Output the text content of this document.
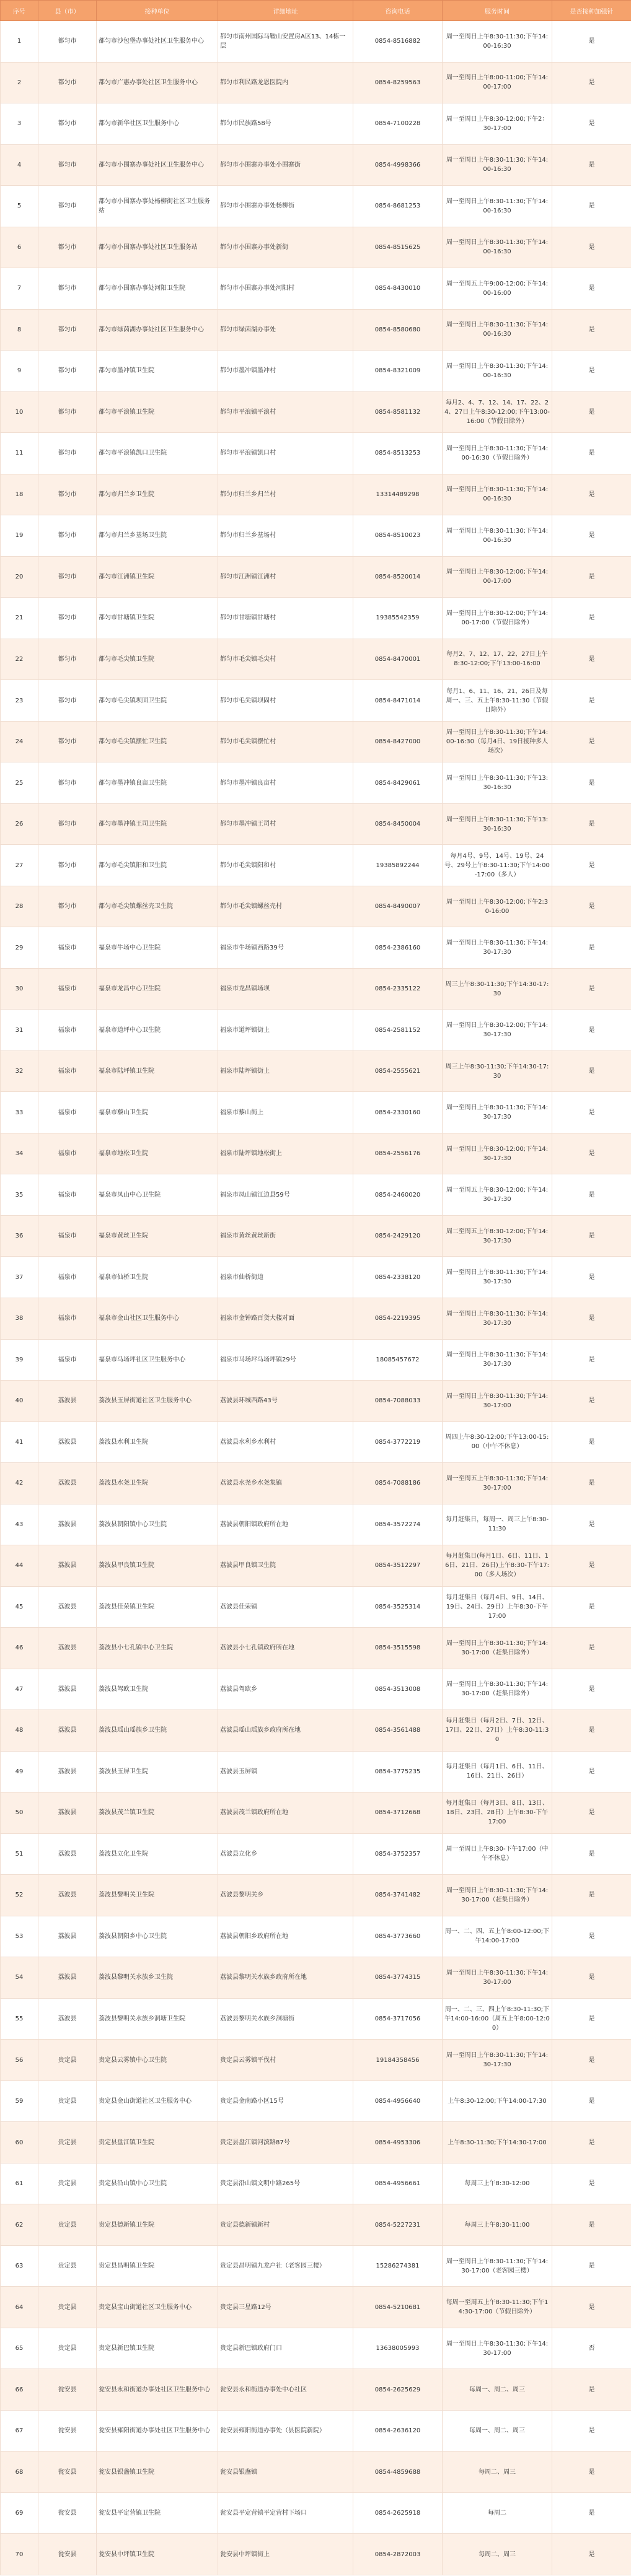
序号	县（市）	接种单位	详细地址	咨询电话	服务时间	是否接种加强针
1	都匀市	都匀市沙包堡办事处社区卫生服务中心	都匀市南州国际马鞍山安置房A区13、14栋一层	0854-8516882	周一至周日上午8:30-11:30;下午14:00-16:30	是
2	都匀市	都匀市广惠办事处社区卫生服务中心	都匀市利民路龙恩医院内	0854-8259563	周一至周日上午8:00-11:00;下午14:00-17:00	是
3	都匀市	都匀市新华社区卫生服务中心	都匀市民族路58号	0854-7100228	周一至周日上午8:30-12:00;下午2：30-17:00	是
4	都匀市	都匀市小围寨办事处社区卫生服务中心	都匀市小围寨办事处小围寨街	0854-4998366	周一至周日上午8:30-11:30;下午14:00-16:30	是
5	都匀市	都匀市小围寨办事处杨柳街社区卫生服务站	都匀市小围寨办事处杨柳街	0854-8681253	周一至周日上午8:30-11:30;下午14:00-16:30	是
6	都匀市	都匀市小围寨办事处社区卫生服务站	都匀市小围寨办事处新街	0854-8515625	周一至周日上午8:30-11:30;下午14:00-16:30	是
7	都匀市	都匀市小围寨办事处河阳卫生院	都匀市小围寨办事处河阳村	0854-8430010	周一至周五上午9:00-12:00;下午14:00-16:00	是
8	都匀市	都匀市绿茵湖办事处社区卫生服务中心	都匀市绿茵湖办事处	0854-8580680	周一至周日上午8:30-11:30;下午14:00-16:30	是
9	都匀市	都匀市墨冲镇卫生院	都匀市墨冲镇墨冲村	0854-8321009	周一至周日上午8:30-11:30;下午14:00-16:30	是
10	都匀市	都匀市平浪镇卫生院	都匀市平浪镇平浪村	0854-8581132	每月2、4、7、12、14、17、22、24、27日上午8:30-12:00;下午13:00-16:00（节假日除外）	是
11	都匀市	都匀市平浪镇凯口卫生院	都匀市平浪镇凯口村	0854-8513253	周一至周日上午8:30-11:30;下午14:00-16:30（节假日除外）	是
18	都匀市	都匀市归兰乡卫生院	都匀市归兰乡归兰村	13314489298	周一至周日上午8:30-11:30;下午14:00-16:30	是
19	都匀市	都匀市归兰乡基场卫生院	都匀市归兰乡基场村	0854-8510023	周一至周日上午8:30-11:30;下午14:00-16:30	是
20	都匀市	都匀市江洲镇卫生院	都匀市江洲镇江洲村	0854-8520014	周一至周日上午8:30-12:00;下午14:00-17:00	是
21	都匀市	都匀市甘塘镇卫生院	都匀市甘塘镇甘塘村	19385542359	周一至周日上午8:30-12:00;下午14:00-17:00（节假日除外）	是
22	都匀市	都匀市毛尖镇卫生院	都匀市毛尖镇毛尖村	0854-8470001	每月2、7、12、17、22、27日上午8:30-12:00;下午13:00-16:00	是
23	都匀市	都匀市毛尖镇坝固卫生院	都匀市毛尖镇坝固村	0854-8471014	每月1、6、11、16、21、26日及每周一、三、五上午8:30-11:30（节假日除外）	是
24	都匀市	都匀市毛尖镇摆忙卫生院	都匀市毛尖镇摆忙村	0854-8427000	周一至周日上午8:30-11:30;下午14:00-16:30（每月4日、19日接种多人场次）	是
25	都匀市	都匀市墨冲镇良亩卫生院	都匀市墨冲镇良亩村	0854-8429061	周一至周日上午8:30-11:30;下午13:30-16:30	是
26	都匀市	都匀市墨冲镇王司卫生院	都匀市墨冲镇王司村	0854-8450004	周一至周日上午8:30-11:30;下午13:30-16:30	是
27	都匀市	都匀市毛尖镇阳和卫生院	都匀市毛尖镇阳和村	19385892244	每月4号、9号、14号、19号、24号、29号上午8:30-11:30;下午14:00-17:00（多人）	是
28	都匀市	都匀市毛尖镇螺丝壳卫生院	都匀市毛尖镇螺丝壳村	0854-8490007	周一至周日上午8:30-12:00;下午2:30-16:00	是
29	福泉市	福泉市牛场中心卫生院	福泉市牛场镇西路39号	0854-2386160	周一至周日上午8:30-11:30;下午14:30-17:30	是
30	福泉市	福泉市龙昌中心卫生院	福泉市龙昌镇场坝	0854-2335122	周三上午8:30-11:30;下午14:30-17:30	是
31	福泉市	福泉市道坪中心卫生院	福泉市道坪镇街上	0854-2581152	周一至周日上午8:30-12:00;下午14:30-17:30	是
32	福泉市	福泉市陆坪镇卫生院	福泉市陆坪镇街上	0854-2555621	周三上午8:30-11:30;下午14:30-17:30	是
33	福泉市	福泉市藜山卫生院	福泉市藜山街上	0854-2330160	周一至周日上午8:30-11:30;下午14:30-17:30	是
34	福泉市	福泉市地松卫生院	福泉市陆坪镇地松街上	0854-2556176	周一至周日上午8:30-12:00;下午14:30-17:30	是
35	福泉市	福泉市凤山中心卫生院	福泉市凤山镇江边县59号	0854-2460020	周一至周五上午8:30-12:00;下午14:30-17:30	是
36	福泉市	福泉市黄丝卫生院	福泉市黄丝黄丝新街	0854-2429120	周二至周五上午8:30-12:00;下午14:30-17:30	是
37	福泉市	福泉市仙桥卫生院	福泉市仙桥街道	0854-2338120	周一至周日上午8:30-11:30;下午14:30-17:30	是
38	福泉市	福泉市金山社区卫生服务中心	福泉市金钟路百货大楼对面	0854-2219395	周一至周日上午8:30-11:30;下午14:30-17:30	是
39	福泉市	福泉市马场坪社区卫生服务中心	福泉市马场坪马场坪镇29号	18085457672	周一至周日上午8:30-11:30;下午14:30-17:30	是
40	荔波县	荔波县玉屏街道社区卫生服务中心	荔波县环城西路43号	0854-7088033	周一至周日上午8:30-11:30;下午14:30-17:00	是
41	荔波县	荔波县水利卫生院	荔波县水利乡水利村	0854-3772219	周四上午8:30-12:00;下午13:00-15:00（中午不休息）	是
42	荔波县	荔波县水尧卫生院	荔波县水尧乡水尧集镇	0854-7088186	周一至周五上午8:30-11:30;下午14:30-17:00	是
43	荔波县	荔波县朝阳镇中心卫生院	荔波县朝阳镇政府所在地	0854-3572274	每月赶集日，每周一、周三上午8:30-11:30	是
44	荔波县	荔波县甲良镇卫生院	荔波县甲良镇卫生院	0854-3512297	每月赶集日(每月1日、6日、11日、16日、21日、26日)上午8:30-下午17:00（多人场次）	是
45	荔波县	荔波县佳荣镇卫生院	荔波县佳荣镇	0854-3525314	每月赶集日（每月4日、9日、14日、19日、24日、29日）上午8:30-下午17:00	是
46	荔波县	荔波县小七孔镇中心卫生院	荔波县小七孔镇政府所在地	0854-3515598	周一至周日上午8:30-11:30;下午14:30-17:00（赶集日除外）	是
47	荔波县	荔波县驾欧卫生院	荔波县驾欧乡	0854-3513008	周一至周日上午8:30-11:30;下午14:30-17:00（赶集日除外）	是
48	荔波县	荔波县瑶山瑶族乡卫生院	荔波县瑶山瑶族乡政府所在地	0854-3561488	每月赶集日（每月2日、7日、12日、17日、22日、27日）上午8:30-11:30	是
49	荔波县	荔波县玉屏卫生院	荔波县玉屏镇	0854-3775235	每月赶集日（每月1日、6日、11日、16日、21日、26日）	是
50	荔波县	荔波县茂兰镇卫生院	荔波县茂兰镇政府所在地	0854-3712668	每月赶集日（每月3日、8日、13日、18日、23日、28日）上午8:30-下午17:00	是
51	荔波县	荔波县立化卫生院	荔波县立化乡	0854-3752357	周一至周日上午8:30-下午17:00（中午不休息）	是
52	荔波县	荔波县黎明关卫生院	荔波县黎明关乡	0854-3741482	周一至周日上午8:30-11:30;下午14:30-17:00（赶集日除外）	是
53	荔波县	荔波县朝阳乡中心卫生院	荔波县朝阳乡政府所在地	0854-3773660	周一、二、四、五上午8:00-12:00;下午14:00-17:00	是
54	荔波县	荔波县黎明关水族乡卫生院	荔波县黎明关水族乡政府所在地	0854-3774315	周一至周日上午8:30-11:30;下午14:30-17:00	是
55	荔波县	荔波县黎明关水族乡洞塘卫生院	荔波县黎明关水族乡洞塘街	0854-3717056	周一、二、三、四上午8:30-11:30;下午14:00-16:00（周五上午8:00-12:00）	是
56	贵定县	贵定县云雾镇中心卫生院	贵定县云雾镇平伐村	19184358456	周一至周日上午8:30-11:30;下午14:30-17:30	是
59	贵定县	贵定县金山街道社区卫生服务中心	贵定县金南路小区15号	0854-4956640	上午8:30-12:00;下午14:00-17:30	是
60	贵定县	贵定县盘江镇卫生院	贵定县盘江镇河滨路87号	0854-4953306	上午8:30-11:30;下午14:30-17:00	是
61	贵定县	贵定县沿山镇中心卫生院	贵定县沿山镇文明中路265号	0854-4956661	每周三上午8:30-12:00	是
62	贵定县	贵定县德新镇卫生院	贵定县德新镇新村	0854-5227231	每周三上午8:30-11:00	是
63	贵定县	贵定县昌明镇卫生院	贵定县昌明镇九龙户社（老客园三楼）	15286274381	周一至周日上午8:30-11:30;下午14:30-17:00（老客园三楼）	是
64	贵定县	贵定县宝山街道社区卫生服务中心	贵定县三星路12号	0854-5210681	每周一至周五上午8:30-11:30;下午14:30-17:00（节假日除外）	是
65	贵定县	贵定县新巴镇卫生院	贵定县新巴镇政府门口	13638005993	周一至周日上午8:30-11:30;下午14:30-17:00	否
66	瓮安县	瓮安县永和街道办事处社区卫生服务中心	瓮安县永和街道办事处中心社区	0854-2625629	每周一、周二、周三	是
67	瓮安县	瓮安县雍阳街道办事处社区卫生服务中心	瓮安县雍阳街道办事处（县医院新院）	0854-2636120	每周一、周二、周三	是
68	瓮安县	瓮安县银盏镇卫生院	瓮安县银盏镇	0854-4859688	每周二、周三	是
69	瓮安县	瓮安县平定营镇卫生院	瓮安县平定营镇平定营村下场口	0854-2625918	每周二	是
70	瓮安县	瓮安县中坪镇卫生院	瓮安县中坪镇街上	0854-2872003	每周二、周三	是
